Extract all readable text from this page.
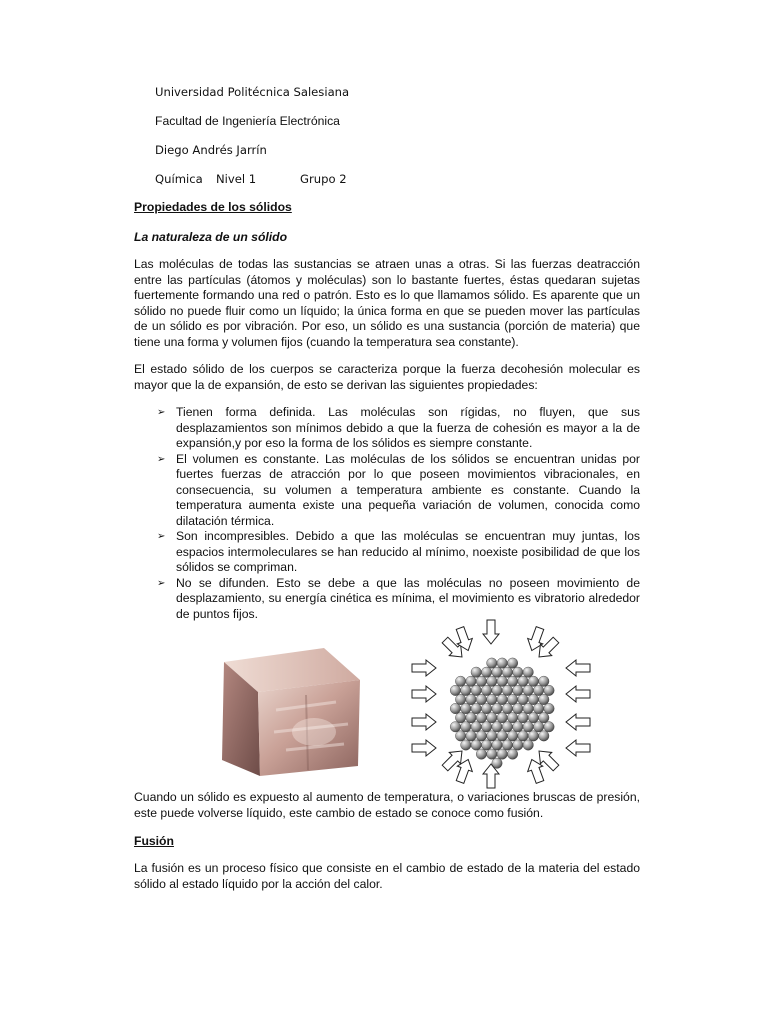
Universidad Politécnica Salesiana
Facultad de Ingeniería Electrónica
Diego Andrés Jarrín
Química Nivel 1	Grupo 2
Propiedades de los sólidos
La naturaleza de un sólido

Las moléculas de todas las sustancias se atraen unas a otras. Si las fuerzas deatracción entre las partículas (átomos y moléculas) son lo bastante fuertes, éstas quedaran sujetas fuertemente formando una red o patrón. Esto es lo que llamamos sólido. Es aparente que un sólido no puede fluir como un líquido; la única forma en que se pueden mover las partículas de un sólido es por vibración. Por eso, un sólido es una sustancia (porción de materia) que tiene una forma y volumen fijos (cuando la temperatura sea constante).

El estado sólido de los cuerpos se caracteriza porque la fuerza decohesión molecular es mayor que la de expansión, de esto se derivan las siguientes propiedades:

➢ Tienen forma definida. Las moléculas son rígidas, no fluyen, que sus desplazamientos son mínimos debido a que la fuerza de cohesión es mayor a la de expansión,y por eso la forma de los sólidos es siempre constante.
➢ El volumen es constante. Las moléculas de los sólidos se encuentran unidas por fuertes fuerzas de atracción por lo que poseen movimientos vibracionales, en consecuencia, su volumen a temperatura ambiente es constante. Cuando la temperatura aumenta existe una pequeña variación de volumen, conocida como dilatación térmica.
➢ Son incompresibles. Debido a que las moléculas se encuentran muy juntas, los espacios intermoleculares se han reducido al mínimo, noexiste posibilidad de que los sólidos se compriman.
➢ No se difunden. Esto se debe a que las moléculas no poseen movimiento de desplazamiento, su energía cinética es mínima, el movimiento es vibratorio alrededor de puntos fijos.

Cuando un sólido es expuesto al aumento de temperatura, o variaciones bruscas de presión, este puede volverse líquido, este cambio de estado se conoce como fusión.

Fusión

La fusión es un proceso físico que consiste en el cambio de estado de la materia del estado sólido al estado líquido por la acción del calor.
